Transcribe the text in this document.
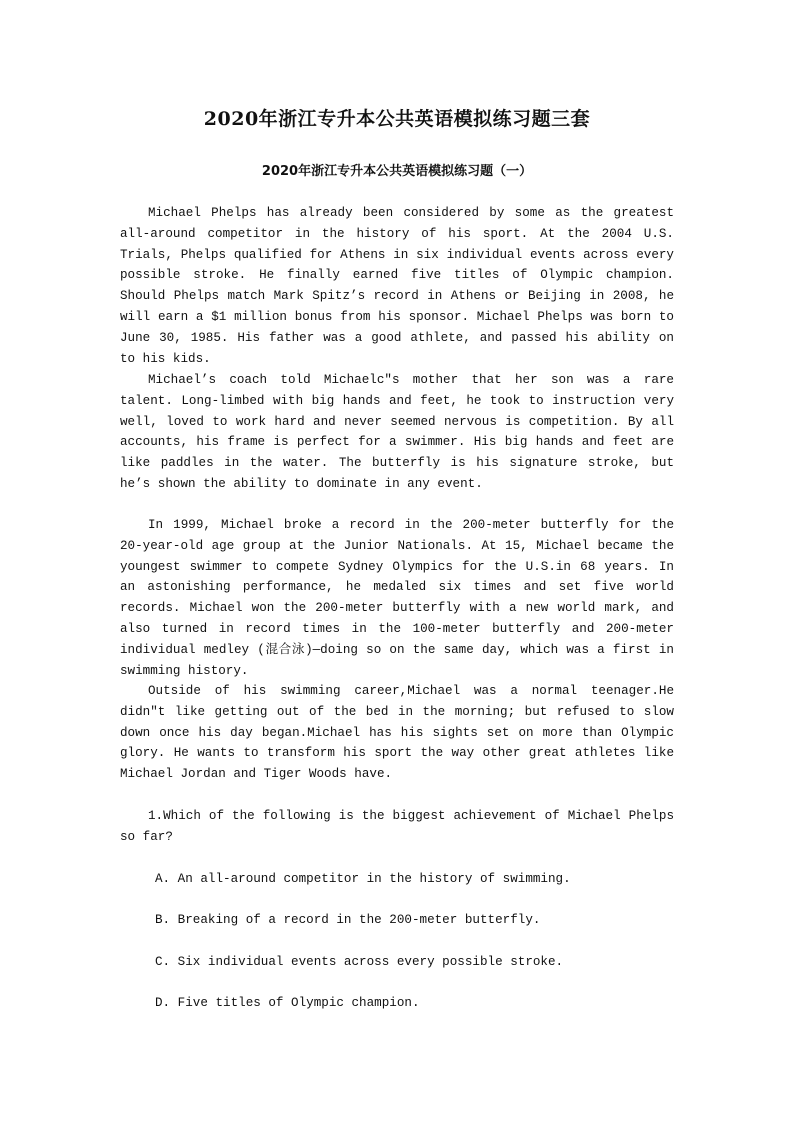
2020年浙江专升本公共英语模拟练习题三套
2020年浙江专升本公共英语模拟练习题（一）

Michael Phelps has already been considered by some as the greatest all-around competitor in the history of his sport. At the 2004 U.S. Trials, Phelps qualified for Athens in six individual events across every possible stroke. He finally earned five titles of Olympic champion. Should Phelps match Mark Spitz’s record in Athens or Beijing in 2008, he will earn a $1 million bonus from his sponsor. Michael Phelps was born to June 30, 1985. His father was a good athlete, and passed his ability on to his kids.

Michael’s coach told Michaelc″s mother that her son was a rare talent. Long-limbed with big hands and feet, he took to instruction very well, loved to work hard and never seemed nervous is competition. By all accounts, his frame is perfect for a swimmer. His big hands and feet are like paddles in the water. The butterfly is his signature stroke, but he’s shown the ability to dominate in any event.

In 1999, Michael broke a record in the 200-meter butterfly for the 20-year-old age group at the Junior Nationals. At 15, Michael became the youngest swimmer to compete Sydney Olympics for the U.S.in 68 years. In an astonishing performance, he medaled six times and set five world records. Michael won the 200-meter butterfly with a new world mark, and also turned in record times in the 100-meter butterfly and 200-meter individual medley (混合泳)—doing so on the same day, which was a first in swimming history.

Outside of his swimming career,Michael was a normal teenager.He didn″t like getting out of the bed in the morning; but refused to slow down once his day began.Michael has his sights set on more than Olympic glory. He wants to transform his sport the way other great athletes like Michael Jordan and Tiger Woods have.

1.Which of the following is the biggest achievement of Michael Phelps so far?

A. An all-around competitor in the history of swimming.

B. Breaking of a record in the 200-meter butterfly.

C. Six individual events across every possible stroke.

D. Five titles of Olympic champion.
